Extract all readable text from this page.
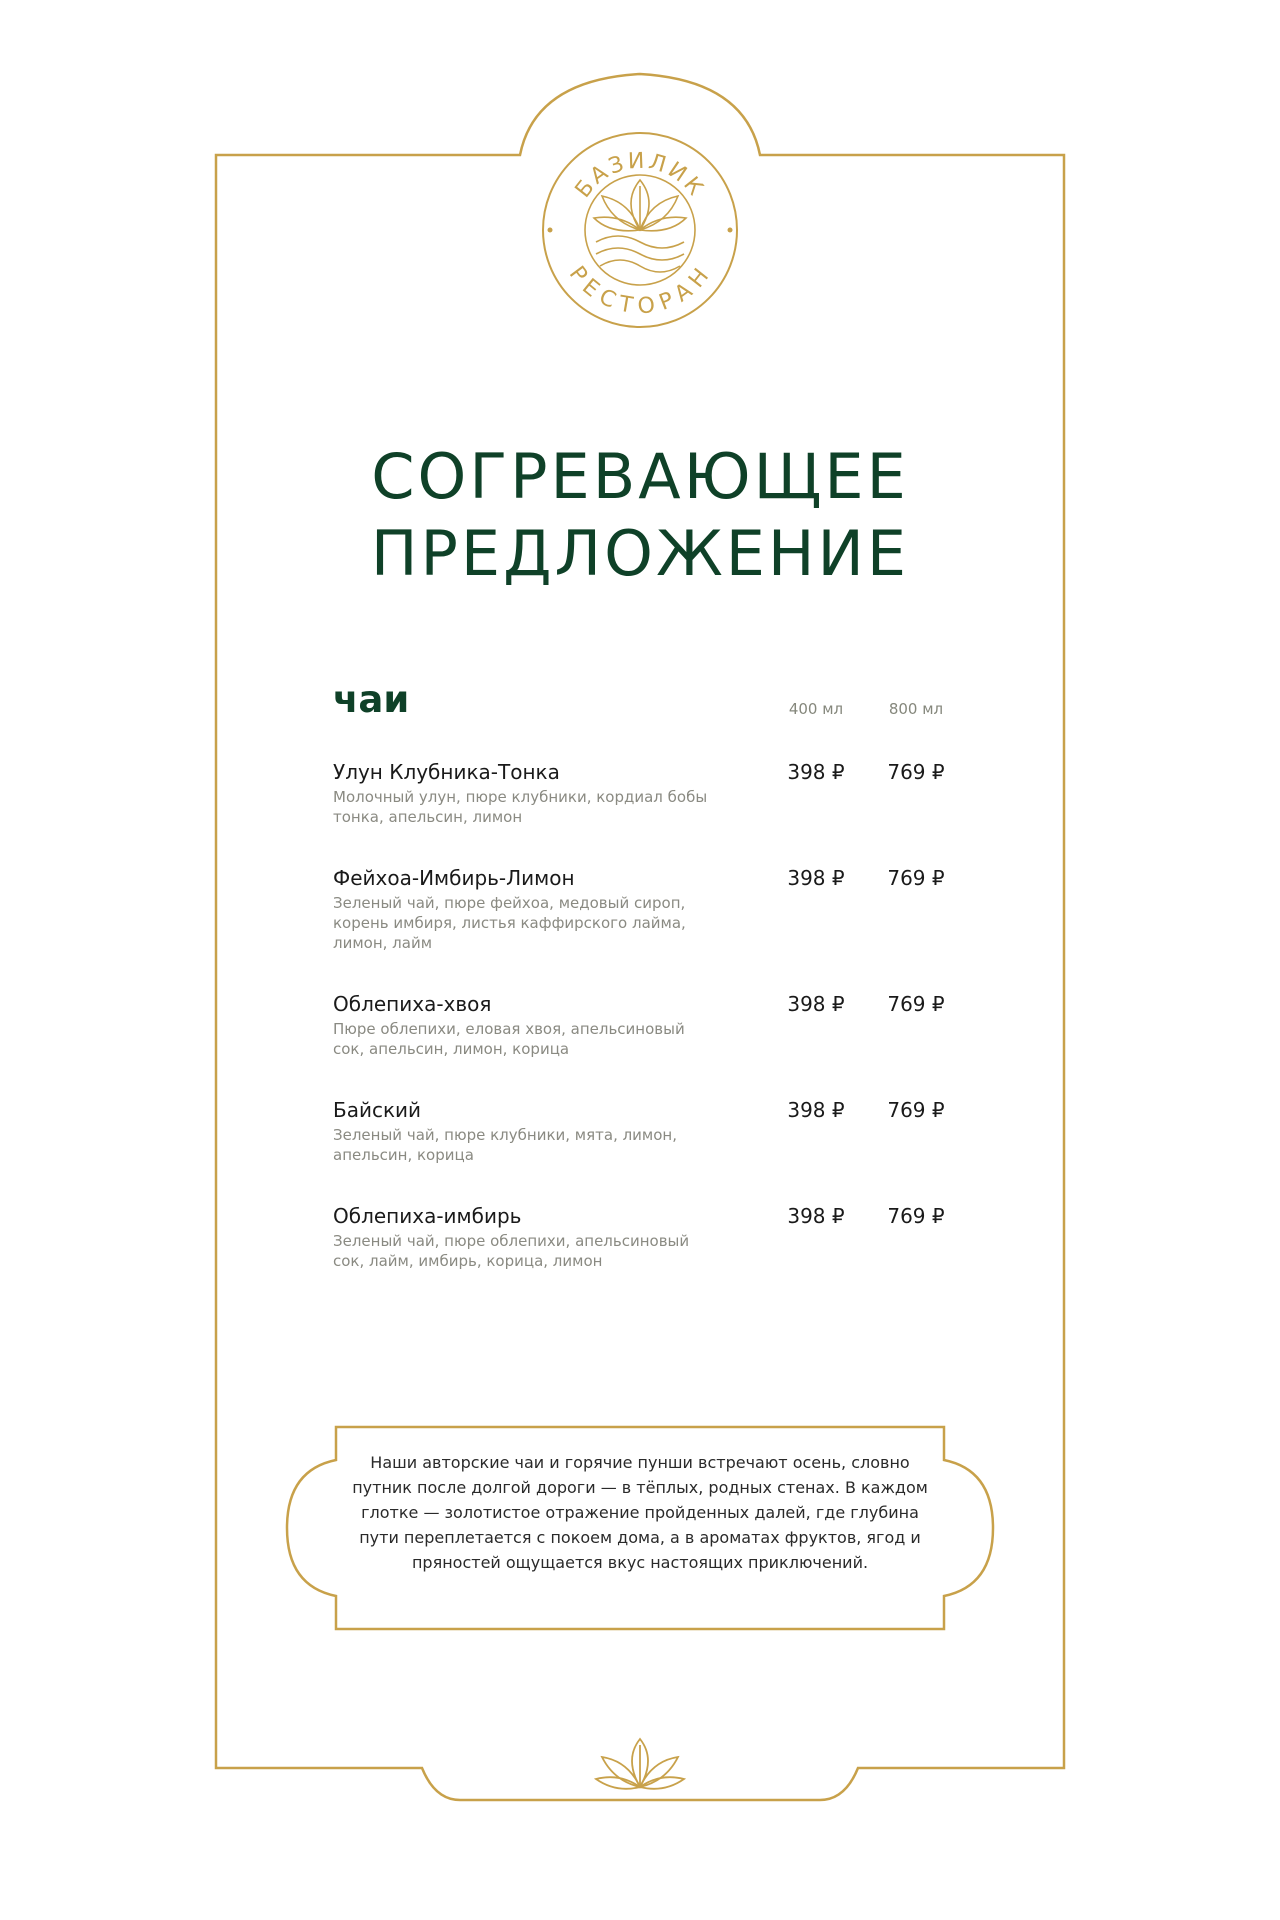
БАЗИЛИК
РЕСТОРАН
СОГРЕВАЮЩЕЕ
ПРЕДЛОЖЕНИЕ
чаи	400 мл	800 мл
Улун Клубника-Тонка
Молочный улун, пюре клубники, кордиал бобы тонка, апельсин, лимон
398 ₽	769 ₽
Фейхоа-Имбирь-Лимон
Зеленый чай, пюре фейхоа, медовый сироп, корень имбиря, листья каффирского лайма, лимон, лайм
398 ₽	769 ₽
Облепиха-хвоя
Пюре облепихи, еловая хвоя, апельсиновый сок, апельсин, лимон, корица
398 ₽	769 ₽
Байский
Зеленый чай, пюре клубники, мята, лимон, апельсин, корица
398 ₽	769 ₽
Облепиха-имбирь
Зеленый чай, пюре облепихи, апельсиновый сок, лайм, имбирь, корица, лимон
398 ₽	769 ₽
Наши авторские чаи и горячие пунши встречают осень, словно путник после долгой дороги — в тёплых, родных стенах. В каждом глотке — золотистое отражение пройденных далей, где глубина пути переплетается с покоем дома, а в ароматах фруктов, ягод и пряностей ощущается вкус настоящих приключений.
